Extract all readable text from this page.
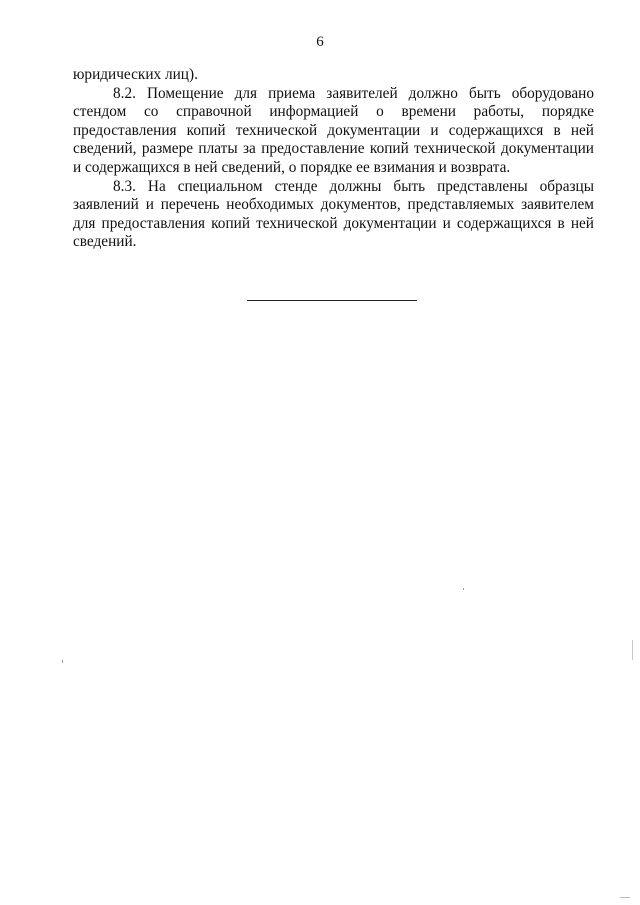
6

юридических лиц).

8.2. Помещение для приема заявителей должно быть оборудовано стендом со справочной информацией о времени работы, порядке предоставления копий технической документации и содержащихся в ней сведений, размере платы за предоставление копий технической документации и содержащихся в ней сведений, о порядке ее взимания и возврата.

8.3. На специальном стенде должны быть представлены образцы заявлений и перечень необходимых документов, представляемых заявителем для предоставления копий технической документации и содержащихся в ней сведений.
